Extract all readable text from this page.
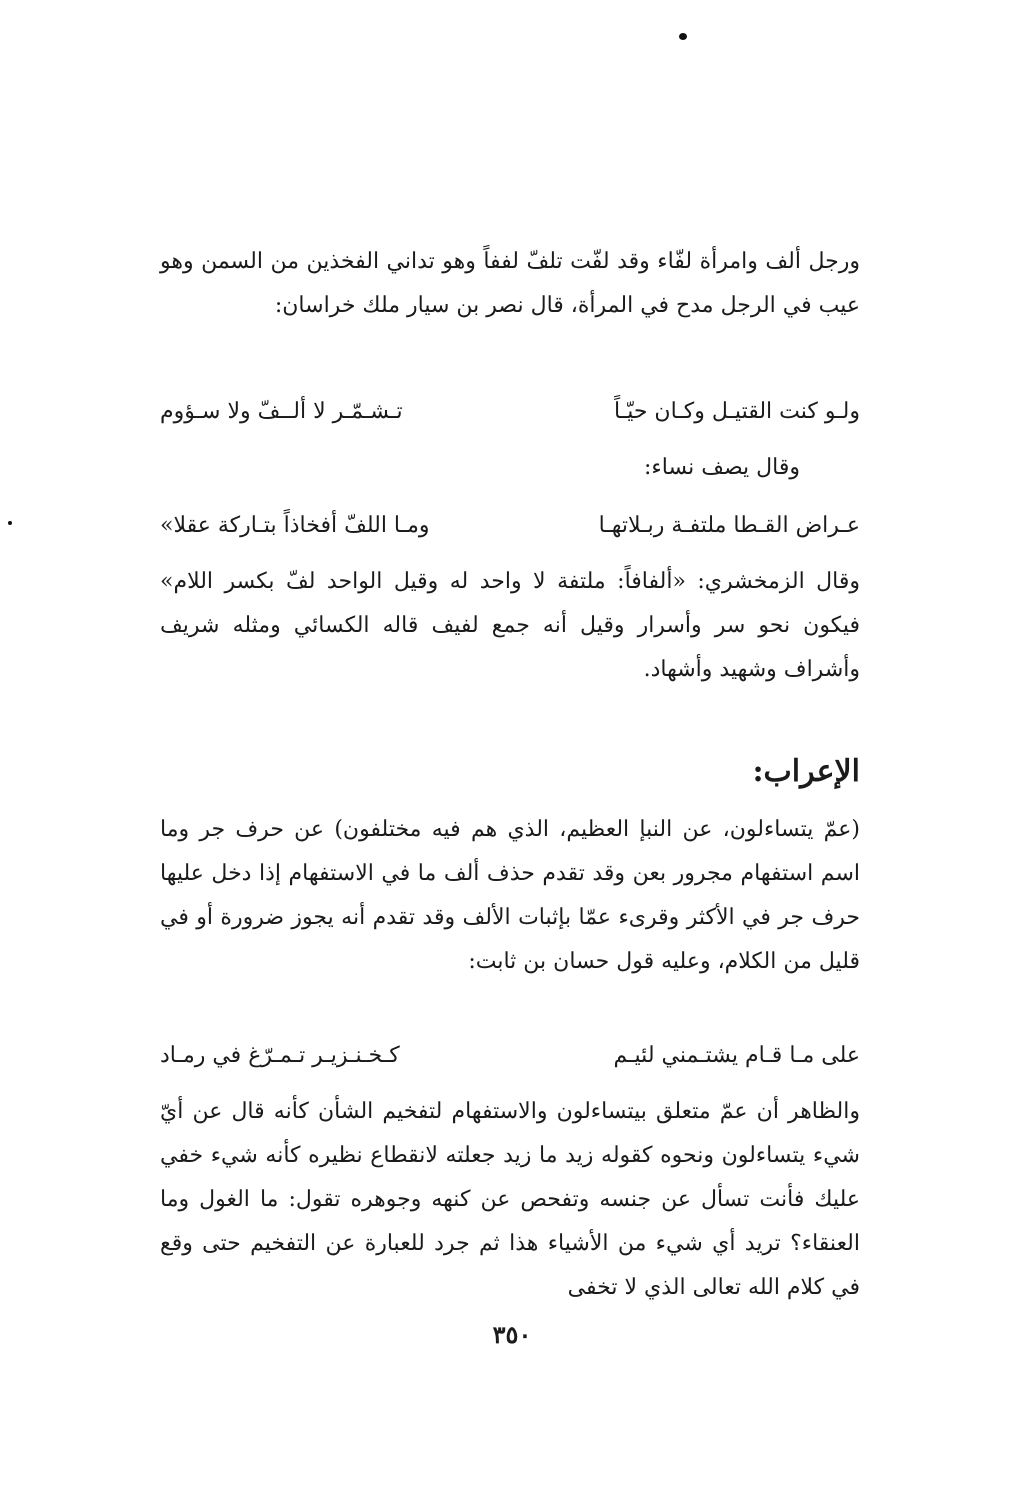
ورجل ألف وامرأة لفّاء وقد لفّت تلفّ لففاً وهو تداني الفخذين من السمن وهو عيب في الرجل مدح في المرأة، قال نصر بن سيار ملك خراسان:
ولـو كنت القتيـل وكـان حيّـاً
تـشـمّـر لا ألــفّ ولا سـؤوم
وقال يصف نساء:
عـراض القـطا ملتفـة ربـلاتهـا
ومـا اللفّ أفخاذاً بتـاركة عقلا»
وقال الزمخشري: «ألفافاً: ملتفة لا واحد له وقيل الواحد لفّ بكسر اللام» فيكون نحو سر وأسرار وقيل أنه جمع لفيف قاله الكسائي ومثله شريف وأشراف وشهيد وأشهاد.
الإعراب:
(عمّ يتساءلون، عن النبإ العظيم، الذي هم فيه مختلفون) عن حرف جر وما اسم استفهام مجرور بعن وقد تقدم حذف ألف ما في الاستفهام إذا دخل عليها حرف جر في الأكثر وقرىء عمّا بإثبات الألف وقد تقدم أنه يجوز ضرورة أو في قليل من الكلام، وعليه قول حسان بن ثابت:
على مـا قـام يشتـمني لئيـم
كـخـنـزيـر تـمـرّغ في رمـاد
والظاهر أن عمّ متعلق بيتساءلون والاستفهام لتفخيم الشأن كأنه قال عن أيّ شيء يتساءلون ونحوه كقوله زيد ما زيد جعلته لانقطاع نظيره كأنه شيء خفي عليك فأنت تسأل عن جنسه وتفحص عن كنهه وجوهره تقول: ما الغول وما العنقاء؟ تريد أي شيء من الأشياء هذا ثم جرد للعبارة عن التفخيم حتى وقع في كلام الله تعالى الذي لا تخفى
٣٥٠
